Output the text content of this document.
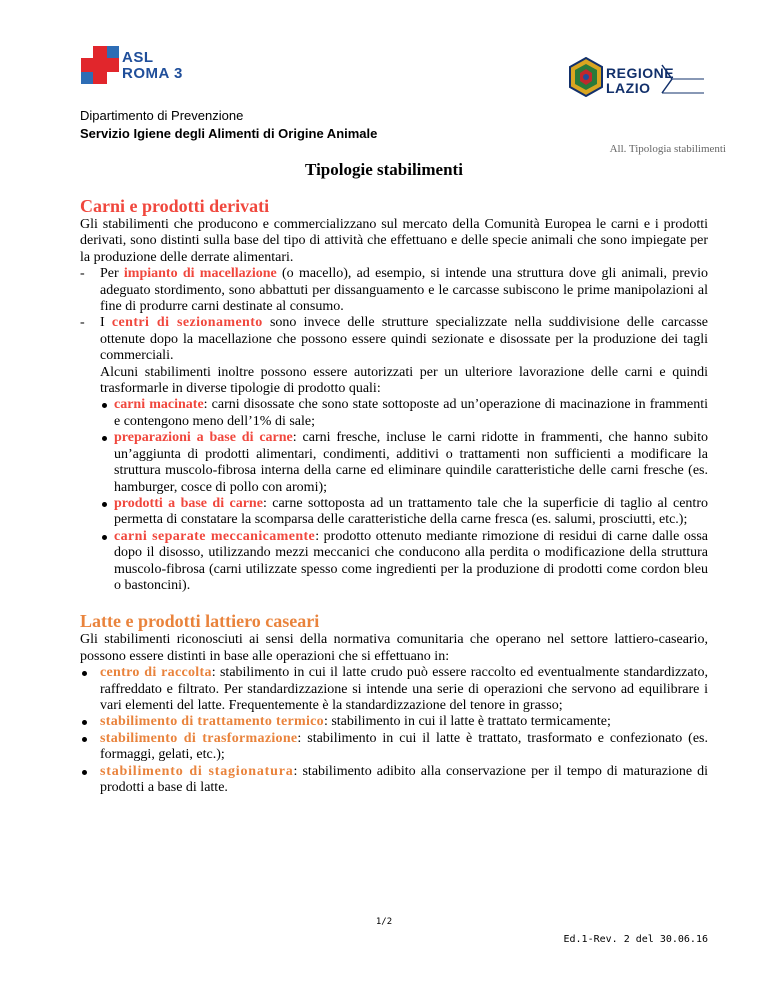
ASL
ROMA 3	REGIONE
LAZIO
Dipartimento di Prevenzione
Servizio Igiene degli Alimenti di Origine Animale
All. Tipologia stabilimenti
Tipologie stabilimenti
Carni e prodotti derivati

Gli stabilimenti che producono e commercializzano sul mercato della Comunità Europea le carni e i prodotti derivati, sono distinti sulla base del tipo di attività che effettuano e delle specie animali che sono impiegate per la produzione delle derrate alimentari.

- Per impianto di macellazione (o macello), ad esempio, si intende una struttura dove gli animali, previo adeguato stordimento, sono abbattuti per dissanguamento e le carcasse subiscono le prime manipolazioni al fine di produrre carni destinate al consumo.
- I centri di sezionamento sono invece delle strutture specializzate nella suddivisione delle carcasse ottenute dopo la macellazione che possono essere quindi sezionate e disossate per la produzione dei tagli commerciali.

Alcuni stabilimenti inoltre possono essere autorizzati per un ulteriore lavorazione delle carni e quindi trasformarle in diverse tipologie di prodotto quali:

carni macinate: carni disossate che sono state sottoposte ad un’operazione di macinazione in frammenti e contengono meno dell’1% di sale;
preparazioni a base di carne: carni fresche, incluse le carni ridotte in frammenti, che hanno subito un’aggiunta di prodotti alimentari, condimenti, additivi o trattamenti non sufficienti a modificare la struttura muscolo-fibrosa interna della carne ed eliminare quindile caratteristiche delle carni fresche (es. hamburger, cosce di pollo con aromi);
prodotti a base di carne: carne sottoposta ad un trattamento tale che la superficie di taglio al centro permetta di constatare la scomparsa delle caratteristiche della carne fresca (es. salumi, prosciutti, etc.);
carni separate meccanicamente: prodotto ottenuto mediante rimozione di residui di carne dalle ossa dopo il disosso, utilizzando mezzi meccanici che conducono alla perdita o modificazione della struttura muscolo-fibrosa (carni utilizzate spesso come ingredienti per la produzione di prodotti come cordon bleu o bastoncini).
Latte e prodotti lattiero caseari

Gli stabilimenti riconosciuti ai sensi della normativa comunitaria che operano nel settore lattiero-caseario, possono essere distinti in base alle operazioni che si effettuano in:

centro di raccolta: stabilimento in cui il latte crudo può essere raccolto ed eventualmente standardizzato, raffreddato e filtrato. Per standardizzazione si intende una serie di operazioni che servono ad equilibrare i vari elementi del latte. Frequentemente è la standardizzazione del tenore in grasso;
stabilimento di trattamento termico: stabilimento in cui il latte è trattato termicamente;
stabilimento di trasformazione: stabilimento in cui il latte è trattato, trasformato e confezionato (es. formaggi, gelati, etc.);
stabilimento di stagionatura: stabilimento adibito alla conservazione per il tempo di maturazione di prodotti a base di latte.
1/2
Ed.1-Rev. 2 del 30.06.16
